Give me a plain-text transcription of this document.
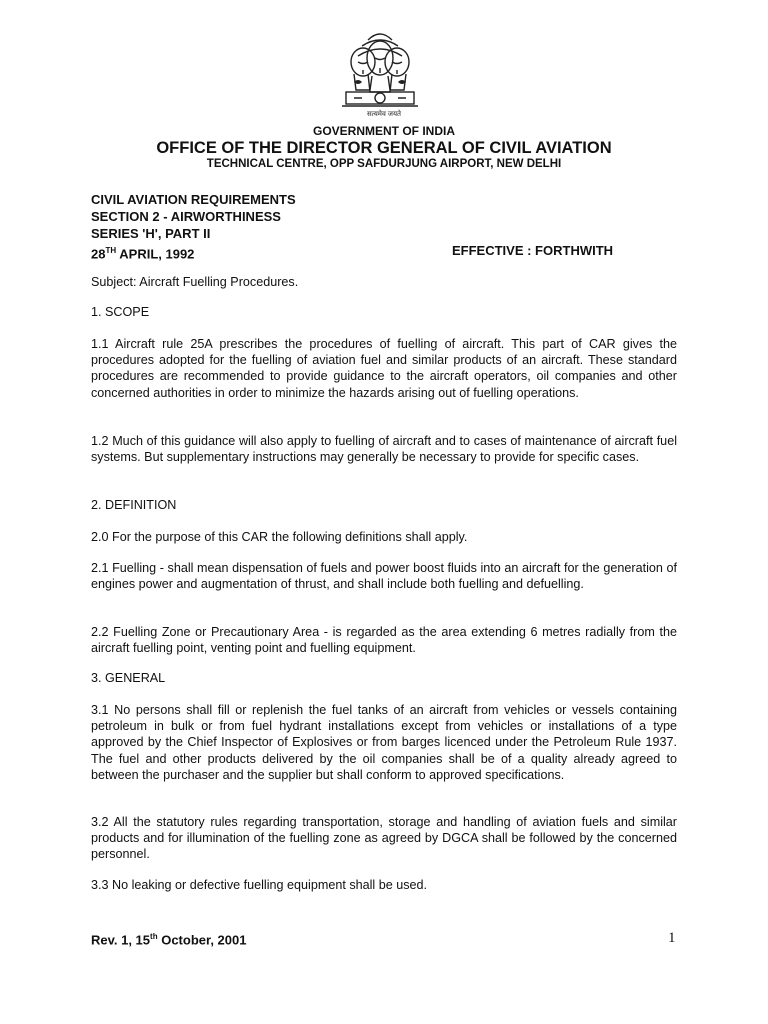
सत्यमेव जयते
GOVERNMENT OF INDIA
OFFICE OF THE DIRECTOR GENERAL OF CIVIL AVIATION
TECHNICAL CENTRE, OPP SAFDURJUNG AIRPORT, NEW DELHI
CIVIL AVIATION REQUIREMENTS
SECTION 2 - AIRWORTHINESS
SERIES 'H', PART II
28TH APRIL, 1992	EFFECTIVE : FORTHWITH

Subject: Aircraft Fuelling Procedures.

1. SCOPE

1.1 Aircraft rule 25A prescribes the procedures of fuelling of aircraft. This part of CAR gives the procedures adopted for the fuelling of aviation fuel and similar products of an aircraft. These standard procedures are recommended to provide guidance to the aircraft operators, oil companies and other concerned authorities in order to minimize the hazards arising out of fuelling operations.

1.2 Much of this guidance will also apply to fuelling of aircraft and to cases of maintenance of aircraft fuel systems. But supplementary instructions may generally be necessary to provide for specific cases.

2. DEFINITION

2.0 For the purpose of this CAR the following definitions shall apply.

2.1 Fuelling - shall mean dispensation of fuels and power boost fluids into an aircraft for the generation of engines power and augmentation of thrust, and shall include both fuelling and defuelling.

2.2 Fuelling Zone or Precautionary Area - is regarded as the area extending 6 metres radially from the aircraft fuelling point, venting point and fuelling equipment.

3. GENERAL

3.1 No persons shall fill or replenish the fuel tanks of an aircraft from vehicles or vessels containing petroleum in bulk or from fuel hydrant installations except from vehicles or installations of a type approved by the Chief Inspector of Explosives or from barges licenced under the Petroleum Rule 1937. The fuel and other products delivered by the oil companies shall be of a quality already agreed to between the purchaser and the supplier but shall conform to approved specifications.

3.2 All the statutory rules regarding transportation, storage and handling of aviation fuels and similar products and for illumination of the fuelling zone as agreed by DGCA shall be followed by the concerned personnel.

3.3 No leaking or defective fuelling equipment shall be used.

Rev. 1, 15th October, 2001	1
